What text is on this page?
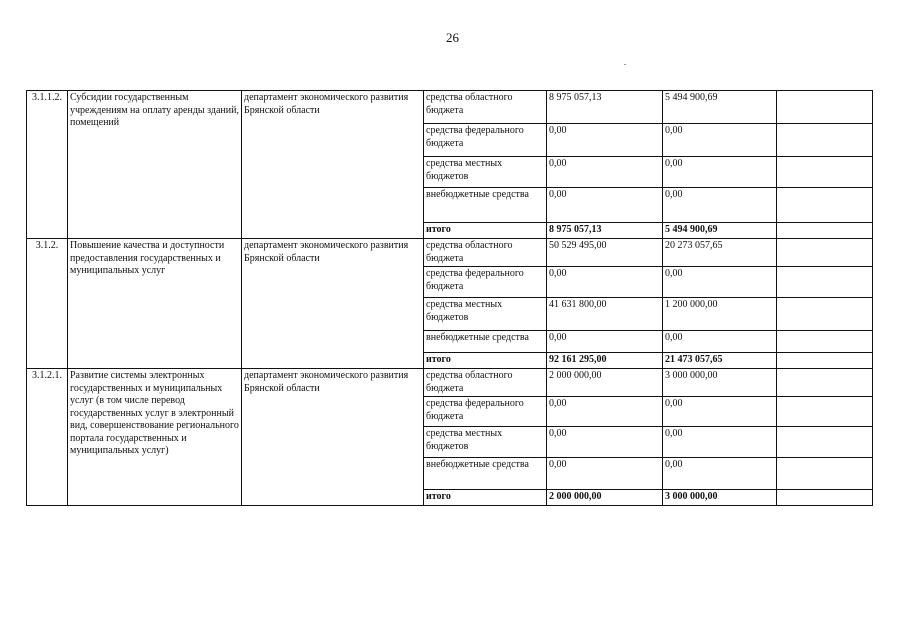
26
3.1.1.2.	Субсидии государственным учреждениям на оплату аренды зданий, помещений	департамент экономического развития Брянской области	средства областного бюджета	8 975 057,13	5 494 900,69	
			средства федерального бюджета	0,00	0,00	
			средства местных бюджетов	0,00	0,00	
			внебюджетные средства	0,00	0,00	
			итого	8 975 057,13	5 494 900,69	
3.1.2.	Повышение качества и доступности предоставления государственных и муниципальных услуг	департамент экономического развития Брянской области	средства областного бюджета	50 529 495,00	20 273 057,65	
			средства федерального бюджета	0,00	0,00	
			средства местных бюджетов	41 631 800,00	1 200 000,00	
			внебюджетные средства	0,00	0,00	
			итого	92 161 295,00	21 473 057,65	
3.1.2.1.	Развитие системы электронных государственных и муниципальных услуг (в том числе перевод государственных услуг в электронный вид, совершенствование регионального портала государственных и муниципальных услуг)	департамент экономического развития Брянской области	средства областного бюджета	2 000 000,00	3 000 000,00	
			средства федерального бюджета	0,00	0,00	
			средства местных бюджетов	0,00	0,00	
			внебюджетные средства	0,00	0,00	
			итого	2 000 000,00	3 000 000,00	
